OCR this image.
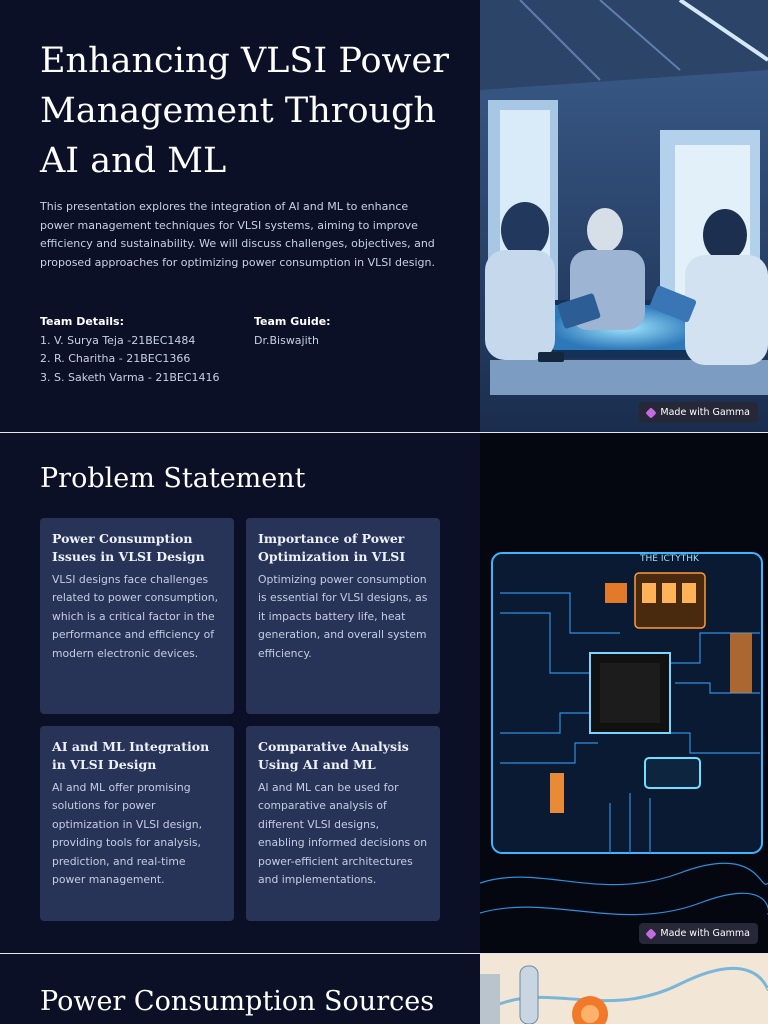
Enhancing VLSI Power Management Through AI and ML

This presentation explores the integration of AI and ML to enhance power management techniques for VLSI systems, aiming to improve efficiency and sustainability. We will discuss challenges, objectives, and proposed approaches for optimizing power consumption in VLSI design.

Team Details:
1. V. Surya Teja -21BEC1484
2. R. Charitha - 21BEC1366
3. S. Saketh Varma - 21BEC1416
Team Guide:
Dr.Biswajith
Made with Gamma
Problem Statement
Power Consumption Issues in VLSI Design

VLSI designs face challenges related to power consumption, which is a critical factor in the performance and efficiency of modern electronic devices.

Importance of Power Optimization in VLSI

Optimizing power consumption is essential for VLSI designs, as it impacts battery life, heat generation, and overall system efficiency.

AI and ML Integration in VLSI Design

AI and ML offer promising solutions for power optimization in VLSI design, providing tools for analysis, prediction, and real-time power management.

Comparative Analysis Using AI and ML

AI and ML can be used for comparative analysis of different VLSI designs, enabling informed decisions on power-efficient architectures and implementations.

THE ICTYTHK
Made with Gamma
Power Consumption Sources
